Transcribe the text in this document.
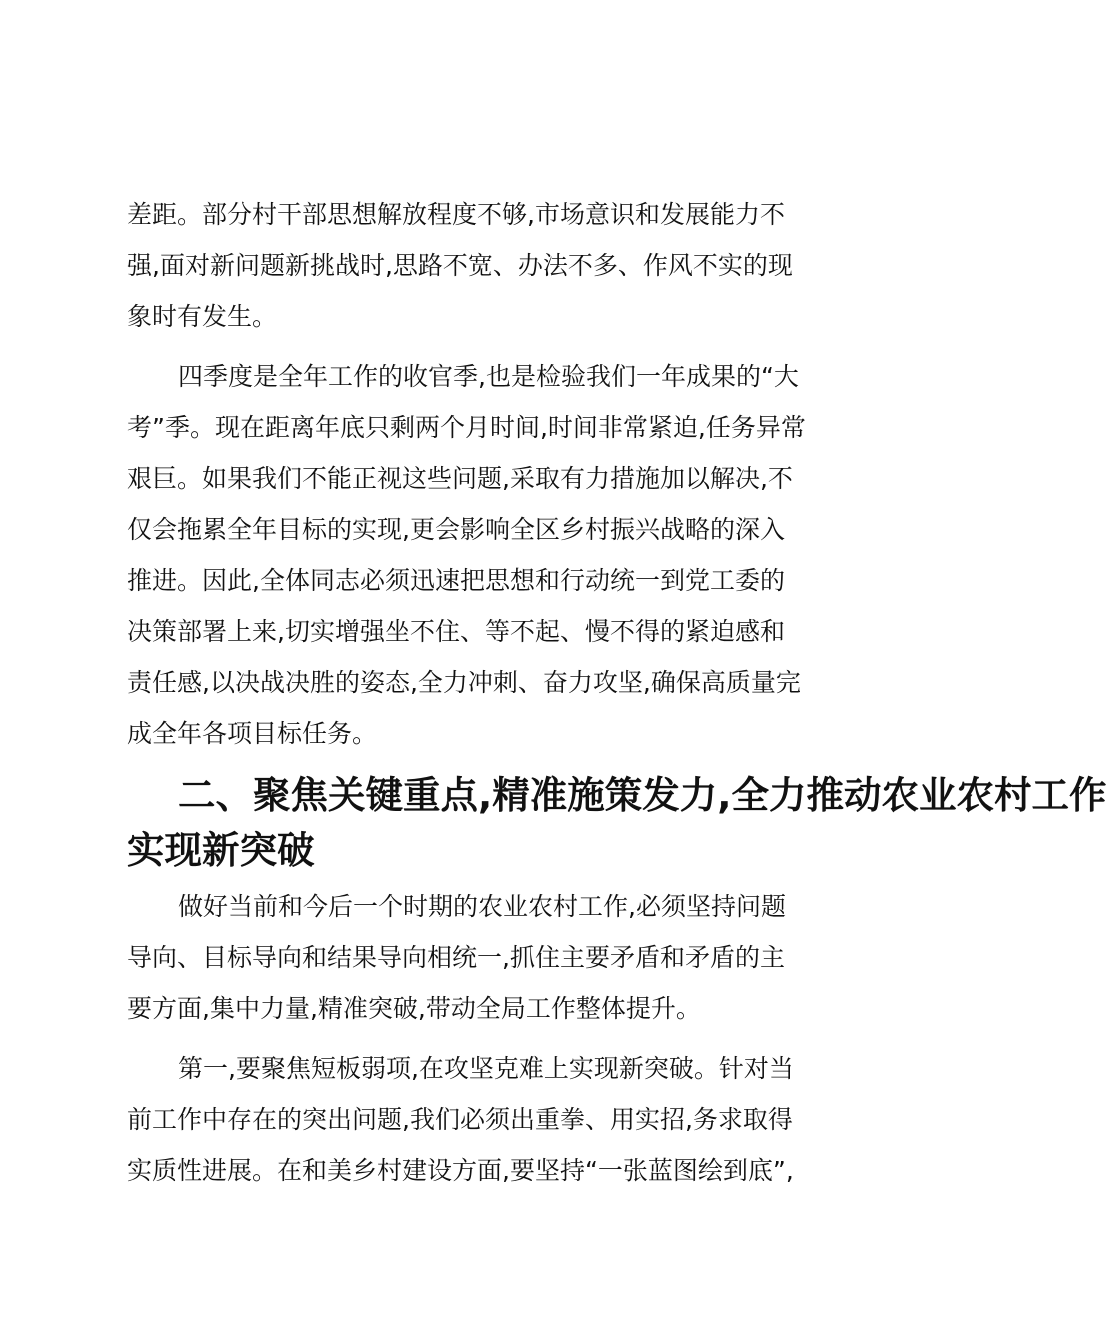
差距。部分村干部思想解放程度不够,市场意识和发展能力不
强,面对新问题新挑战时,思路不宽、办法不多、作风不实的现
象时有发生。

四季度是全年工作的收官季,也是检验我们一年成果的“大
考”季。现在距离年底只剩两个月时间,时间非常紧迫,任务异常
艰巨。如果我们不能正视这些问题,采取有力措施加以解决,不
仅会拖累全年目标的实现,更会影响全区乡村振兴战略的深入
推进。因此,全体同志必须迅速把思想和行动统一到党工委的
决策部署上来,切实增强坐不住、等不起、慢不得的紧迫感和
责任感,以决战决胜的姿态,全力冲刺、奋力攻坚,确保高质量完
成全年各项目标任务。

二、聚焦关键重点,精准施策发力,全力推动农业农村工作
实现新突破

做好当前和今后一个时期的农业农村工作,必须坚持问题
导向、目标导向和结果导向相统一,抓住主要矛盾和矛盾的主
要方面,集中力量,精准突破,带动全局工作整体提升。

第一,要聚焦短板弱项,在攻坚克难上实现新突破。针对当
前工作中存在的突出问题,我们必须出重拳、用实招,务求取得
实质性进展。在和美乡村建设方面,要坚持“一张蓝图绘到底”,
